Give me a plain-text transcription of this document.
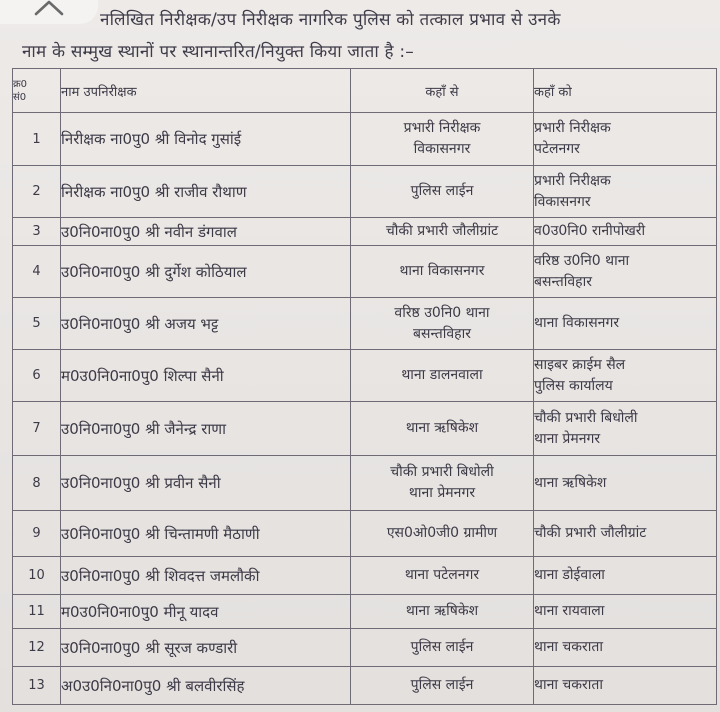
नलिखित निरीक्षक/उप निरीक्षक नागरिक पुलिस को तत्काल प्रभाव से उनके
नाम के सम्मुख स्थानों पर स्थानान्तरित/नियुक्त किया जाता है :–
क्र0
सं0	नाम उपनिरीक्षक	कहाँ से	कहाँ को
1	निरीक्षक ना0पु0 श्री विनोद गुसांई	प्रभारी निरीक्षक
विकासनगर	प्रभारी निरीक्षक
पटेलनगर
2	निरीक्षक ना0पु0 श्री राजीव रौथाण	पुलिस लाईन	प्रभारी निरीक्षक
विकासनगर
3	उ0नि0ना0पु0 श्री नवीन डंगवाल	चौकी प्रभारी जौलीग्रांट	व0उ0नि0 रानीपोखरी
4	उ0नि0ना0पु0 श्री दुर्गेश कोठियाल	थाना विकासनगर	वरिष्ठ उ0नि0 थाना
बसन्तविहार
5	उ0नि0ना0पु0 श्री अजय भट्ट	वरिष्ठ उ0नि0 थाना
बसन्तविहार	थाना विकासनगर
6	म0उ0नि0ना0पु0 शिल्पा सैनी	थाना डालनवाला	साइबर क्राईम सैल
पुलिस कार्यालय
7	उ0नि0ना0पु0 श्री जैनेन्द्र राणा	थाना ऋषिकेश	चौकी प्रभारी बिधोली
थाना प्रेमनगर
8	उ0नि0ना0पु0 श्री प्रवीन सैनी	चौकी प्रभारी बिधोली
थाना प्रेमनगर	थाना ऋषिकेश
9	उ0नि0ना0पु0 श्री चिन्तामणी मैठाणी	एस0ओ0जी0 ग्रामीण	चौकी प्रभारी जौलीग्रांट
10	उ0नि0ना0पु0 श्री शिवदत्त जमलौकी	थाना पटेलनगर	थाना डोईवाला
11	म0उ0नि0ना0पु0 मीनू यादव	थाना ऋषिकेश	थाना रायवाला
12	उ0नि0ना0पु0 श्री सूरज कण्डारी	पुलिस लाईन	थाना चकराता
13	अ0उ0नि0ना0पु0 श्री बलवीरसिंह	पुलिस लाईन	थाना चकराता
